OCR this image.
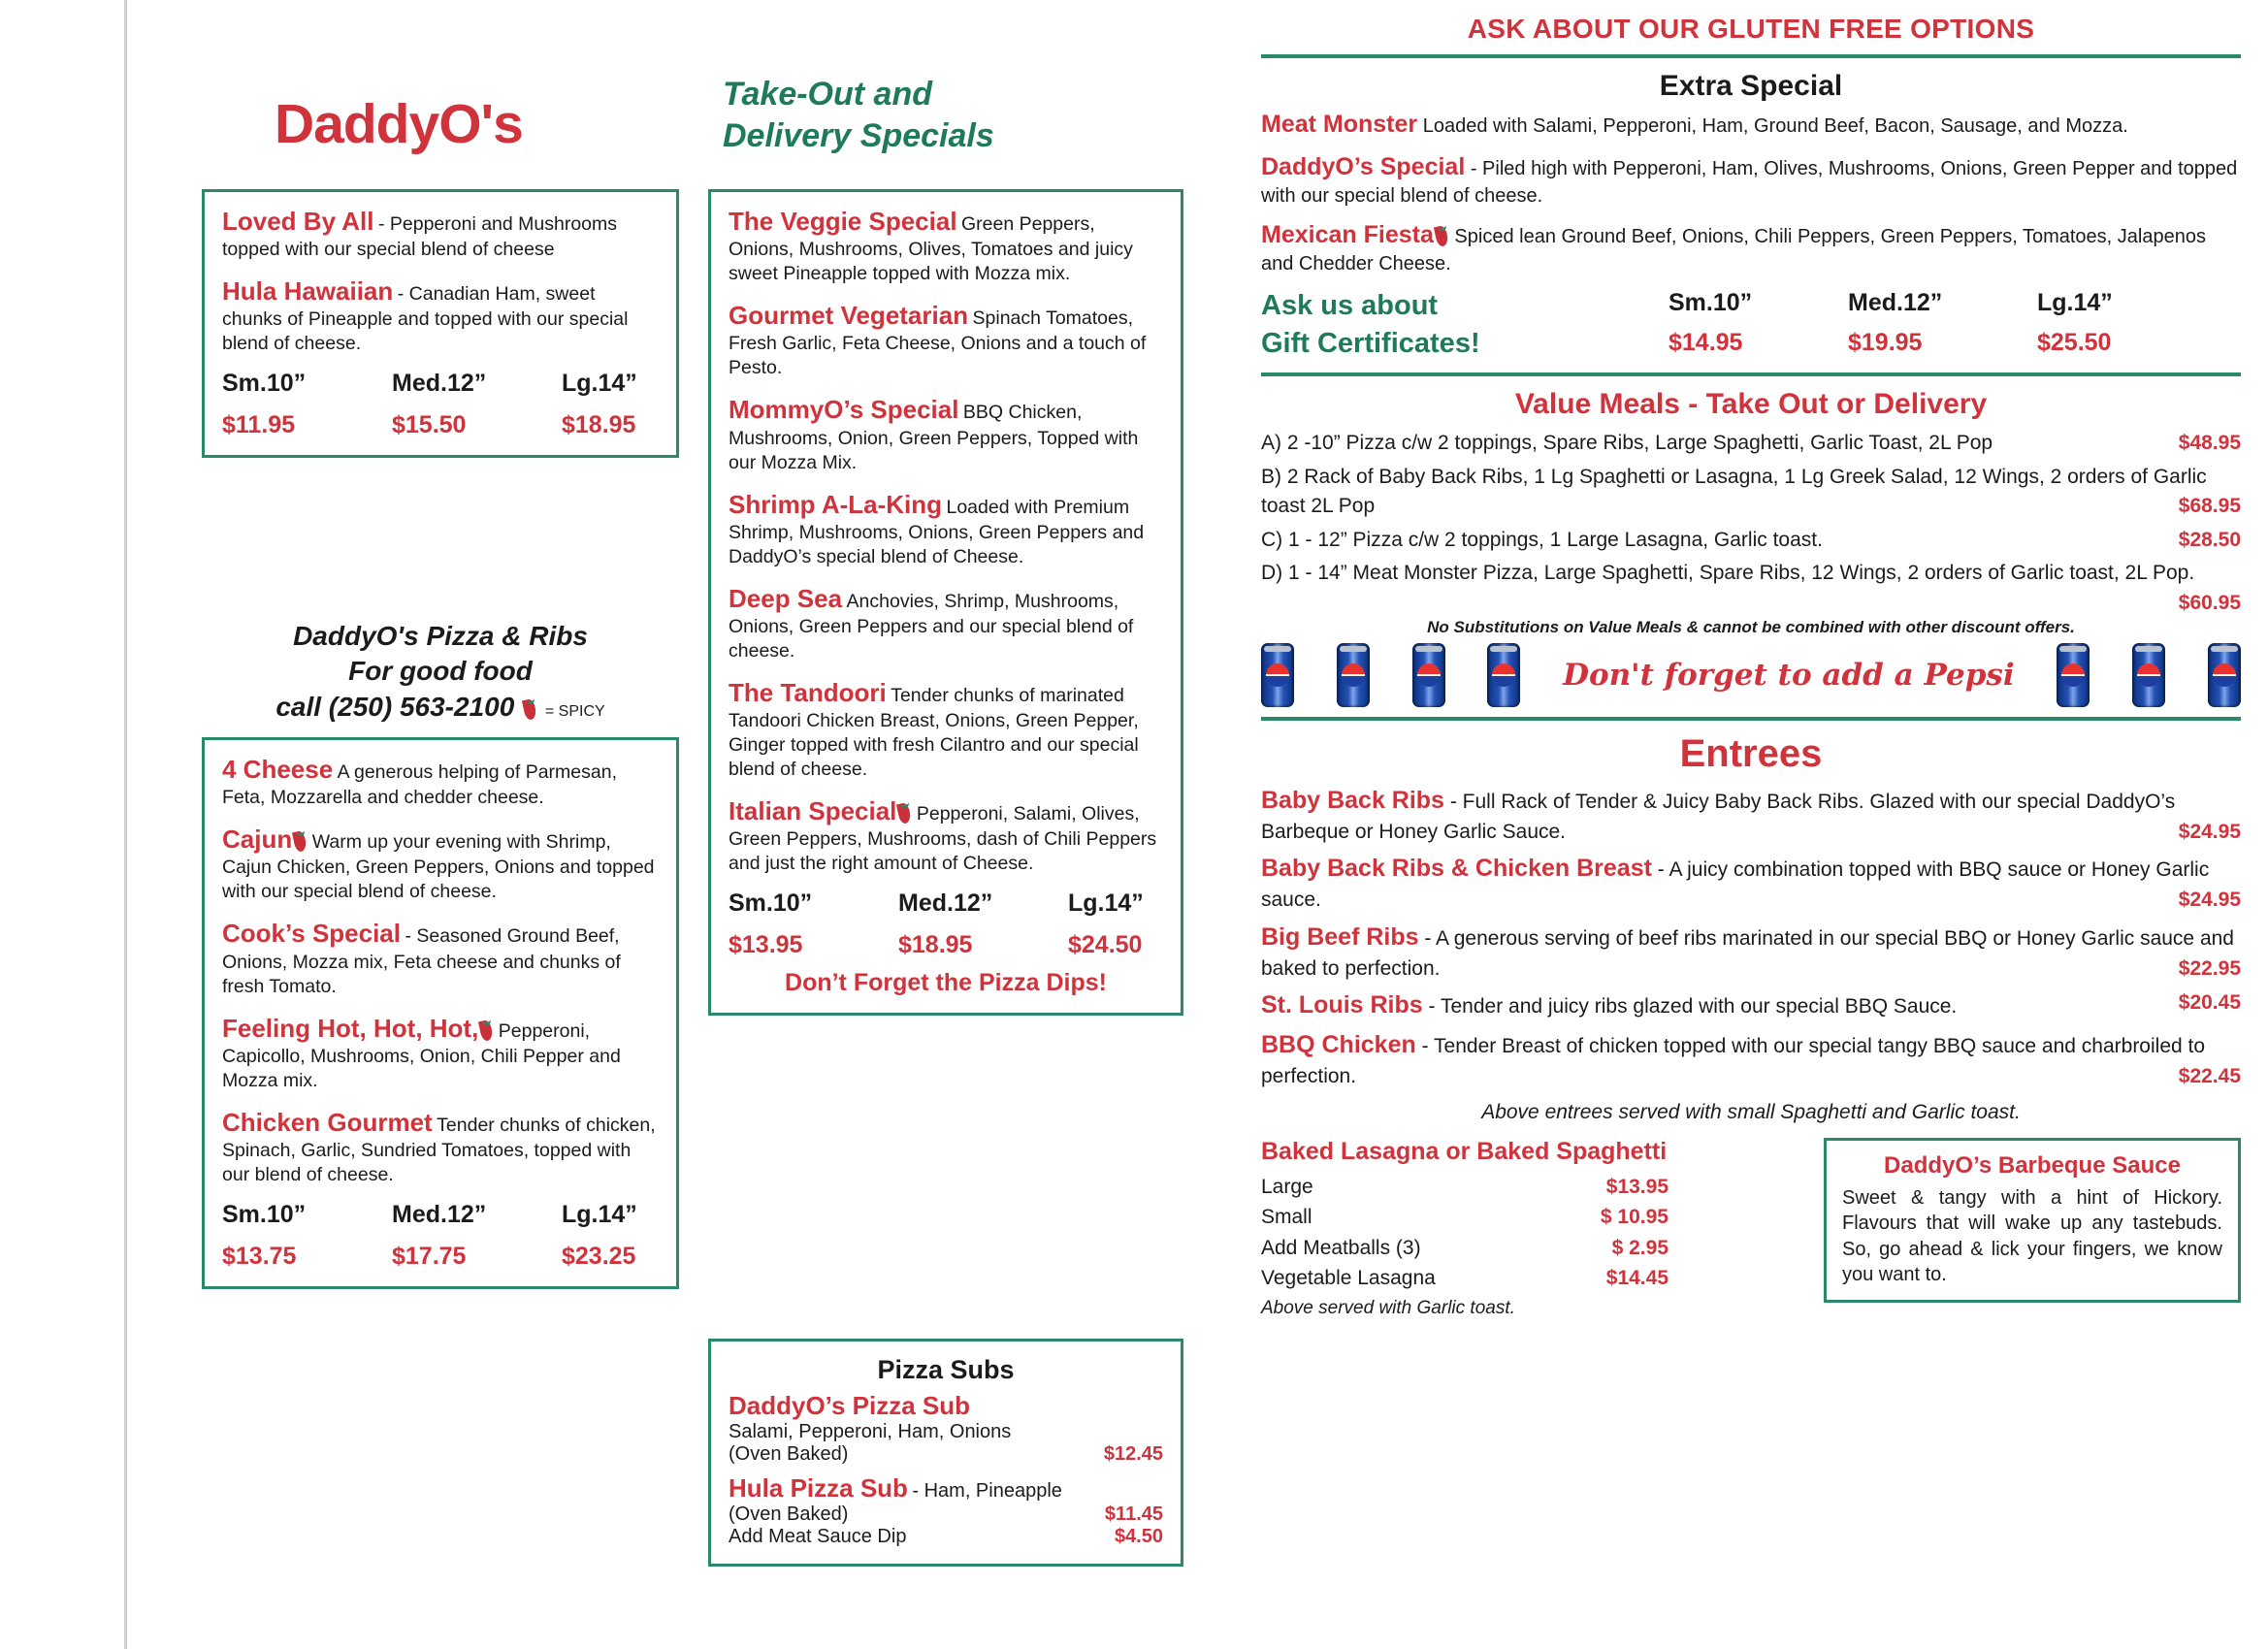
DaddyO's	Take-Out and
Delivery Specials
Loved By All - Pepperoni and Mushrooms topped with our special blend of cheese
Hula Hawaiian - Canadian Ham, sweet chunks of Pineapple and topped with our special blend of cheese.
Sm.10”	Med.12”	Lg.14”
$11.95	$15.50	$18.95
DaddyO's Pizza & Ribs
For good food
call (250) 563-2100 = SPICY
4 Cheese A generous helping of Parmesan, Feta, Mozzarella and chedder cheese.
Cajun Warm up your evening with Shrimp, Cajun Chicken, Green Peppers, Onions and topped with our special blend of cheese.
Cook’s Special - Seasoned Ground Beef, Onions, Mozza mix, Feta cheese and chunks of fresh Tomato.
Feeling Hot, Hot, Hot, Pepperoni, Capicollo, Mushrooms, Onion, Chili Pepper and Mozza mix.
Chicken Gourmet Tender chunks of chicken, Spinach, Garlic, Sundried Tomatoes, topped with our blend of cheese.
Sm.10”	Med.12”	Lg.14”
$13.75	$17.75	$23.25
The Veggie Special Green Peppers, Onions, Mushrooms, Olives, Tomatoes and juicy sweet Pineapple topped with Mozza mix.
Gourmet Vegetarian Spinach Tomatoes, Fresh Garlic, Feta Cheese, Onions and a touch of Pesto.
MommyO’s Special BBQ Chicken, Mushrooms, Onion, Green Peppers, Topped with our Mozza Mix.
Shrimp A-La-King Loaded with Premium Shrimp, Mushrooms, Onions, Green Peppers and DaddyO’s special blend of Cheese.
Deep Sea Anchovies, Shrimp, Mushrooms, Onions, Green Peppers and our special blend of cheese.
The Tandoori Tender chunks of marinated Tandoori Chicken Breast, Onions, Green Pepper, Ginger topped with fresh Cilantro and our special blend of cheese.
Italian Special Pepperoni, Salami, Olives, Green Peppers, Mushrooms, dash of Chili Peppers and just the right amount of Cheese.
Sm.10”	Med.12”	Lg.14”
$13.95	$18.95	$24.50
Don’t Forget the Pizza Dips!
Pizza Subs
DaddyO’s Pizza Sub
Salami, Pepperoni, Ham, Onions
(Oven Baked)	$12.45
Hula Pizza Sub - Ham, Pineapple
(Oven Baked)	$11.45
Add Meat Sauce Dip	$4.50
ASK ABOUT OUR GLUTEN FREE OPTIONS
Extra Special
Meat Monster Loaded with Salami, Pepperoni, Ham, Ground Beef, Bacon, Sausage, and Mozza.
DaddyO’s Special - Piled high with Pepperoni, Ham, Olives, Mushrooms, Onions, Green Pepper and topped with our special blend of cheese.
Mexican Fiesta Spiced lean Ground Beef, Onions, Chili Peppers, Green Peppers, Tomatoes, Jalapenos and Chedder Cheese.
Ask us about
Gift Certificates!
Sm.10”	Med.12”	Lg.14”
$14.95	$19.95	$25.50
Value Meals - Take Out or Delivery
A) 2 -10” Pizza c/w 2 toppings, Spare Ribs, Large Spaghetti, Garlic Toast, 2L Pop	$48.95
B) 2 Rack of Baby Back Ribs, 1 Lg Spaghetti or Lasagna, 1 Lg Greek Salad, 12 Wings, 2 orders of Garlic toast 2L Pop	$68.95
C) 1 - 12” Pizza c/w 2 toppings, 1 Large Lasagna, Garlic toast.	$28.50
D) 1 - 14” Meat Monster Pizza, Large Spaghetti, Spare Ribs, 12 Wings, 2 orders of Garlic toast, 2L Pop.
$60.95
No Substitutions on Value Meals & cannot be combined with other discount offers.
Don't forget to add a Pepsi
Entrees
Baby Back Ribs - Full Rack of Tender & Juicy Baby Back Ribs. Glazed with our special DaddyO’s Barbeque or Honey Garlic Sauce.	$24.95
Baby Back Ribs & Chicken Breast - A juicy combination topped with BBQ sauce or Honey Garlic sauce.	$24.95
Big Beef Ribs - A generous serving of beef ribs marinated in our special BBQ or Honey Garlic sauce and baked to perfection.	$22.95
St. Louis Ribs - Tender and juicy ribs glazed with our special BBQ Sauce.	$20.45
BBQ Chicken - Tender Breast of chicken topped with our special tangy BBQ sauce and charbroiled to perfection.	$22.45
Above entrees served with small Spaghetti and Garlic toast.
Baked Lasagna or Baked Spaghetti
Large	$13.95
Small	$ 10.95
Add Meatballs (3)	$ 2.95
Vegetable Lasagna	$14.45
Above served with Garlic toast.
DaddyO’s Barbeque Sauce
Sweet & tangy with a hint of Hickory. Flavours that will wake up any tastebuds. So, go ahead & lick your fingers, we know you want to.
